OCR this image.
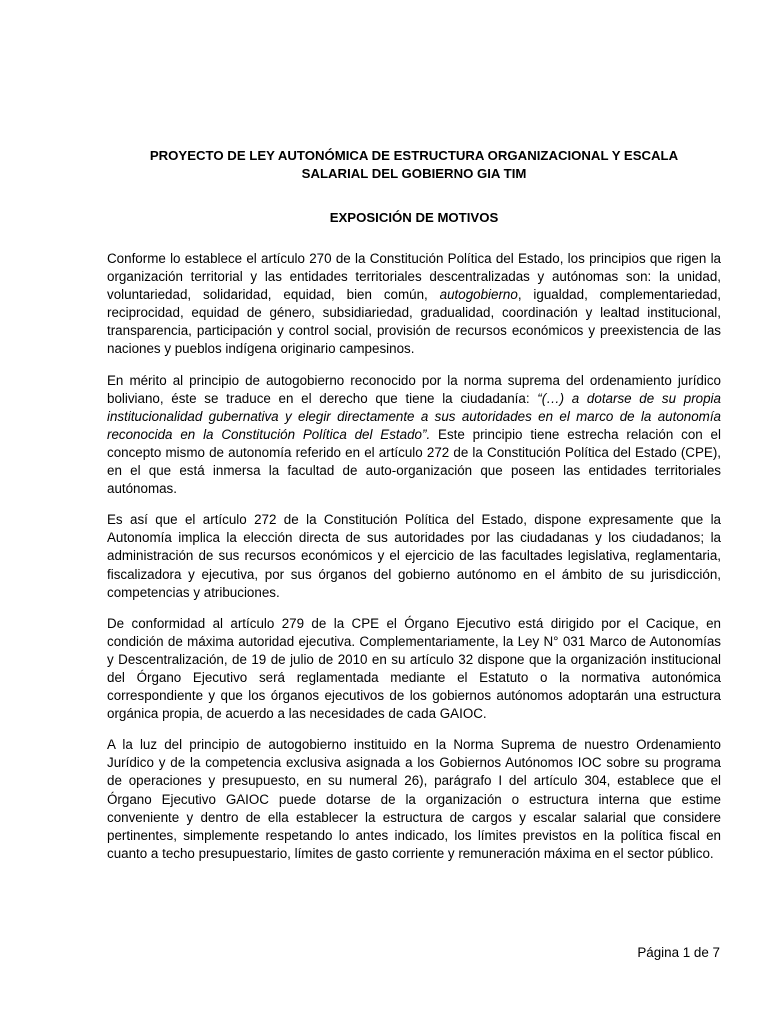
PROYECTO DE LEY AUTONÓMICA DE ESTRUCTURA ORGANIZACIONAL Y ESCALA
SALARIAL DEL GOBIERNO GIA TIM
EXPOSICIÓN DE MOTIVOS

Conforme lo establece el artículo 270 de la Constitución Política del Estado, los principios que rigen la organización territorial y las entidades territoriales descentralizadas y autónomas son: la unidad, voluntariedad, solidaridad, equidad, bien común, autogobierno, igualdad, complementariedad, reciprocidad, equidad de género, subsidiariedad, gradualidad, coordinación y lealtad institucional, transparencia, participación y control social, provisión de recursos económicos y preexistencia de las naciones y pueblos indígena originario campesinos.

En mérito al principio de autogobierno reconocido por la norma suprema del ordenamiento jurídico boliviano, éste se traduce en el derecho que tiene la ciudadanía: “(…) a dotarse de su propia institucionalidad gubernativa y elegir directamente a sus autoridades en el marco de la autonomía reconocida en la Constitución Política del Estado”. Este principio tiene estrecha relación con el concepto mismo de autonomía referido en el artículo 272 de la Constitución Política del Estado (CPE), en el que está inmersa la facultad de auto-organización que poseen las entidades territoriales autónomas.

Es así que el artículo 272 de la Constitución Política del Estado, dispone expresamente que la Autonomía implica la elección directa de sus autoridades por las ciudadanas y los ciudadanos; la administración de sus recursos económicos y el ejercicio de las facultades legislativa, reglamentaria, fiscalizadora y ejecutiva, por sus órganos del gobierno autónomo en el ámbito de su jurisdicción, competencias y atribuciones.

De conformidad al artículo 279 de la CPE el Órgano Ejecutivo está dirigido por el Cacique, en condición de máxima autoridad ejecutiva. Complementariamente, la Ley N° 031 Marco de Autonomías y Descentralización, de 19 de julio de 2010 en su artículo 32 dispone que la organización institucional del Órgano Ejecutivo será reglamentada mediante el Estatuto o la normativa autonómica correspondiente y que los órganos ejecutivos de los gobiernos autónomos adoptarán una estructura orgánica propia, de acuerdo a las necesidades de cada GAIOC.

A la luz del principio de autogobierno instituido en la Norma Suprema de nuestro Ordenamiento Jurídico y de la competencia exclusiva asignada a los Gobiernos Autónomos IOC sobre su programa de operaciones y presupuesto, en su numeral 26), parágrafo I del artículo 304, establece que el Órgano Ejecutivo GAIOC puede dotarse de la organización o estructura interna que estime conveniente y dentro de ella establecer la estructura de cargos y escalar salarial que considere pertinentes, simplemente respetando lo antes indicado, los límites previstos en la política fiscal en cuanto a techo presupuestario, límites de gasto corriente y remuneración máxima en el sector público.

Página 1 de 7
